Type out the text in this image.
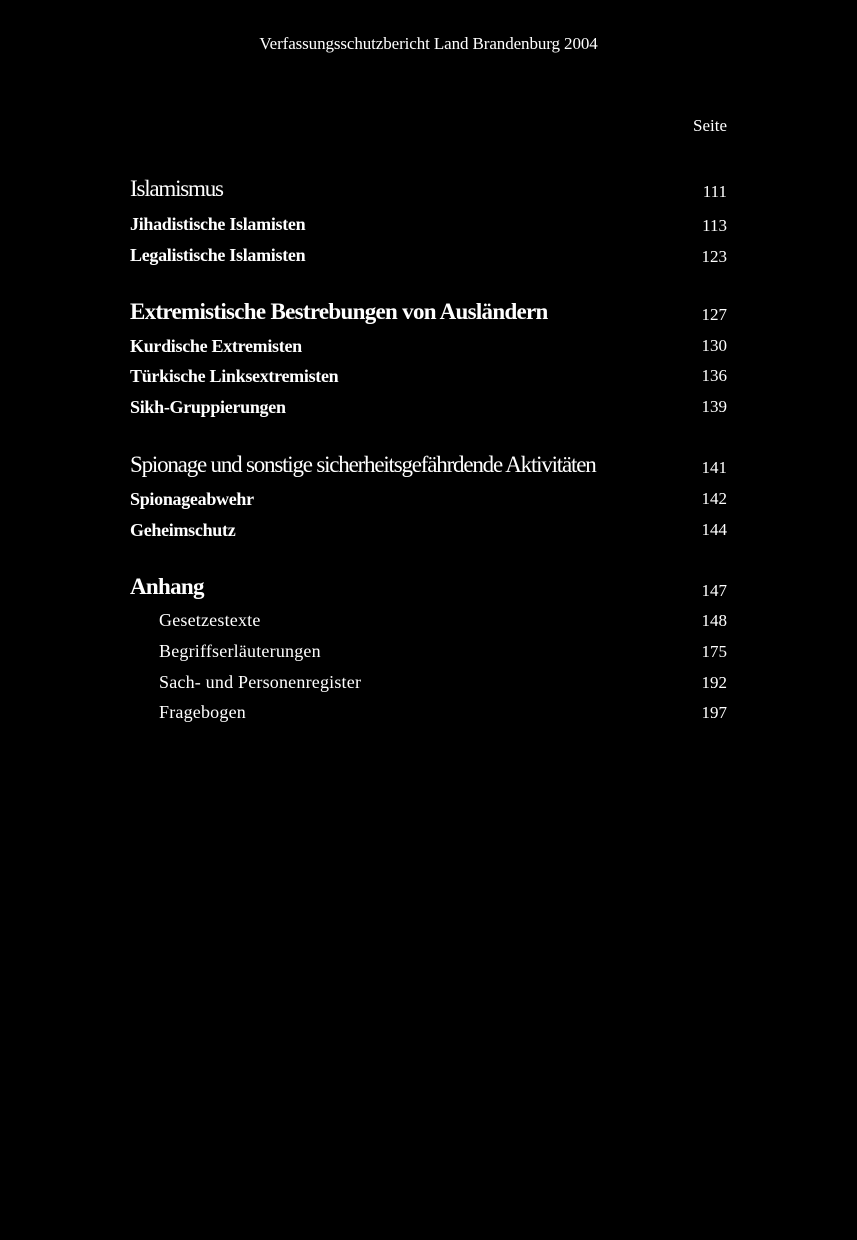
Verfassungsschutzbericht Land Brandenburg 2004
Seite
Islamismus	111
Jihadistische Islamisten	113
Legalistische Islamisten	123
Extremistische Bestrebungen von Ausländern	127
Kurdische Extremisten	130
Türkische Linksextremisten	136
Sikh-Gruppierungen	139
Spionage und sonstige sicherheitsgefährdende Aktivitäten	141
Spionageabwehr	142
Geheimschutz	144
Anhang	147
Gesetzestexte	148
Begriffserläuterungen	175
Sach- und Personenregister	192
Fragebogen	197
